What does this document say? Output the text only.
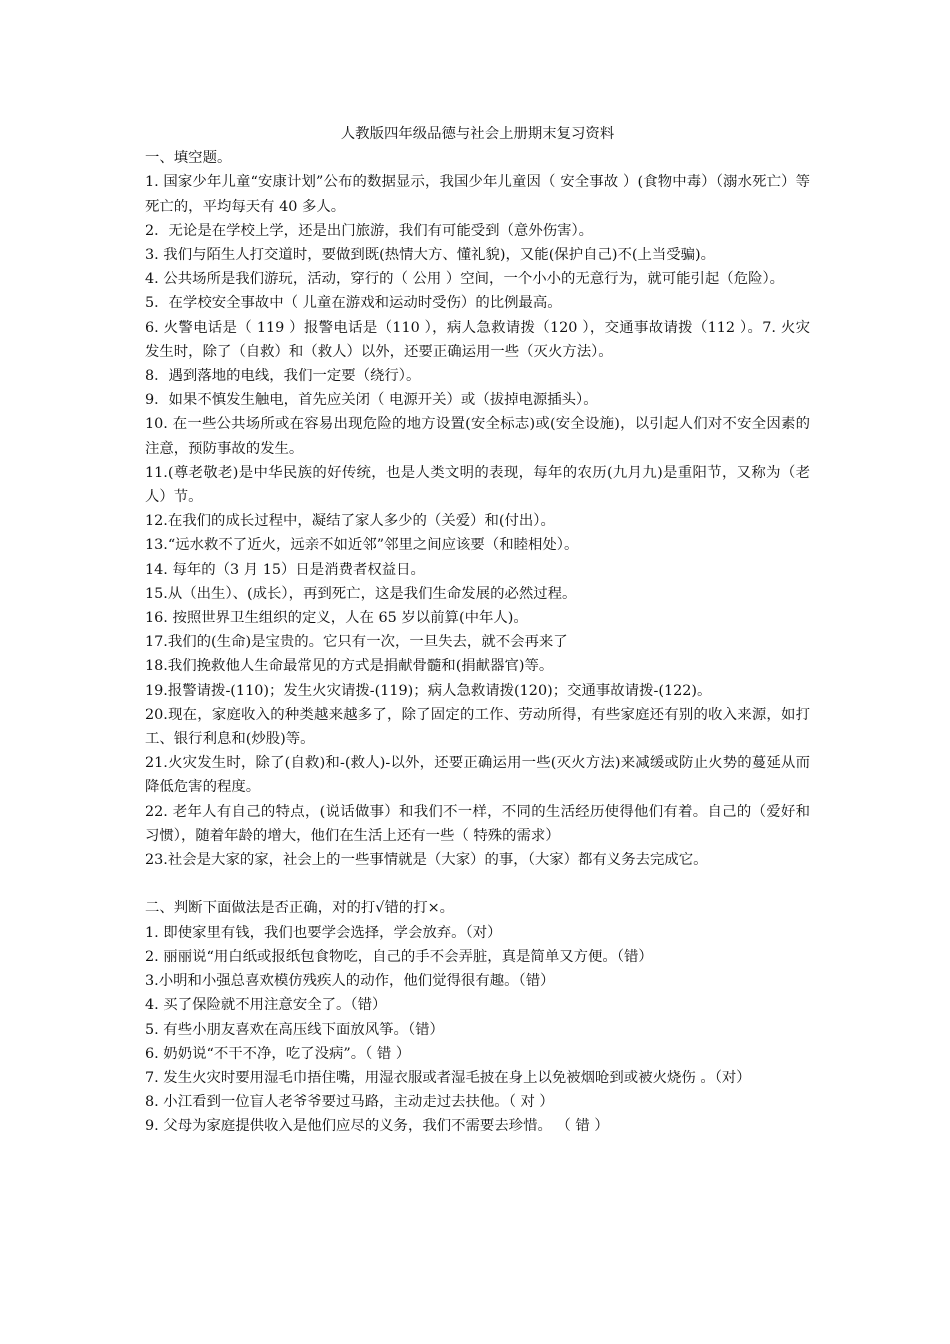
人教版四年级品德与社会上册期末复习资料

一、填空题。

1. 国家少年儿童“安康计划”公布的数据显示，我国少年儿童因（ 安全事故 ）(食物中毒）（溺水死亡）等死亡的，平均每天有 40 多人。
2．无论是在学校上学，还是出门旅游，我们有可能受到（意外伤害）。
3. 我们与陌生人打交道时，要做到既(热情大方、懂礼貌)，又能(保护自己)不(上当受骗)。
4. 公共场所是我们游玩，活动，穿行的（ 公用 ）空间，一个小小的无意行为，就可能引起（危险）。
5．在学校安全事故中（ 儿童在游戏和运动时受伤）的比例最高。
6. 火警电话是（ 119 ）报警电话是（110 ），病人急救请拨（120 ），交通事故请拨（112 ）。7. 火灾发生时，除了（自救）和（救人）以外，还要正确运用一些（灭火方法）。
8．遇到落地的电线，我们一定要（绕行）。
9．如果不慎发生触电，首先应关闭（ 电源开关）或（拔掉电源插头）。
10. 在一些公共场所或在容易出现危险的地方设置(安全标志)或(安全设施)，以引起人们对不安全因素的注意，预防事故的发生。
11.(尊老敬老)是中华民族的好传统，也是人类文明的表现，每年的农历(九月九)是重阳节，又称为（老人）节。
12.在我们的成长过程中，凝结了家人多少的（关爱）和(付出）。
13.“远水救不了近火，远亲不如近邻”邻里之间应该要（和睦相处）。
14. 每年的（3 月 15）日是消费者权益日。
15.从（出生）、(成长），再到死亡，这是我们生命发展的必然过程。
16. 按照世界卫生组织的定义，人在 65 岁以前算(中年人)。
17.我们的(生命)是宝贵的。它只有一次，一旦失去，就不会再来了
18.我们挽救他人生命最常见的方式是捐献骨髓和(捐献器官)等。
19.报警请拨-(110)；发生火灾请拨-(119)；病人急救请拨(120)；交通事故请拨-(122)。
20.现在，家庭收入的种类越来越多了，除了固定的工作、劳动所得，有些家庭还有别的收入来源，如打工、银行利息和(炒股)等。
21.火灾发生时，除了(自救)和-(救人)-以外，还要正确运用一些(灭火方法)来减缓或防止火势的蔓延从而降低危害的程度。
22. 老年人有自己的特点，(说话做事）和我们不一样，不同的生活经历使得他们有着。自己的（爱好和习惯），随着年龄的增大，他们在生活上还有一些（ 特殊的需求）
23.社会是大家的家，社会上的一些事情就是（大家）的事，（大家）都有义务去完成它。

二、判断下面做法是否正确，对的打√错的打×。

1. 即使家里有钱，我们也要学会选择，学会放弃。（对）
2. 丽丽说“用白纸或报纸包食物吃，自己的手不会弄脏，真是简单又方便。（错）
3.小明和小强总喜欢模仿残疾人的动作，他们觉得很有趣。（错）
4. 买了保险就不用注意安全了。（错）
5. 有些小朋友喜欢在高压线下面放风筝。（错）
6. 奶奶说“不干不净，吃了没病”。（ 错 ）
7. 发生火灾时要用湿毛巾捂住嘴，用湿衣服或者湿毛披在身上以免被烟呛到或被火烧伤 。（对）
8. 小江看到一位盲人老爷爷要过马路，主动走过去扶他。（ 对 ）
9. 父母为家庭提供收入是他们应尽的义务，我们不需要去珍惜。 （ 错 ）
